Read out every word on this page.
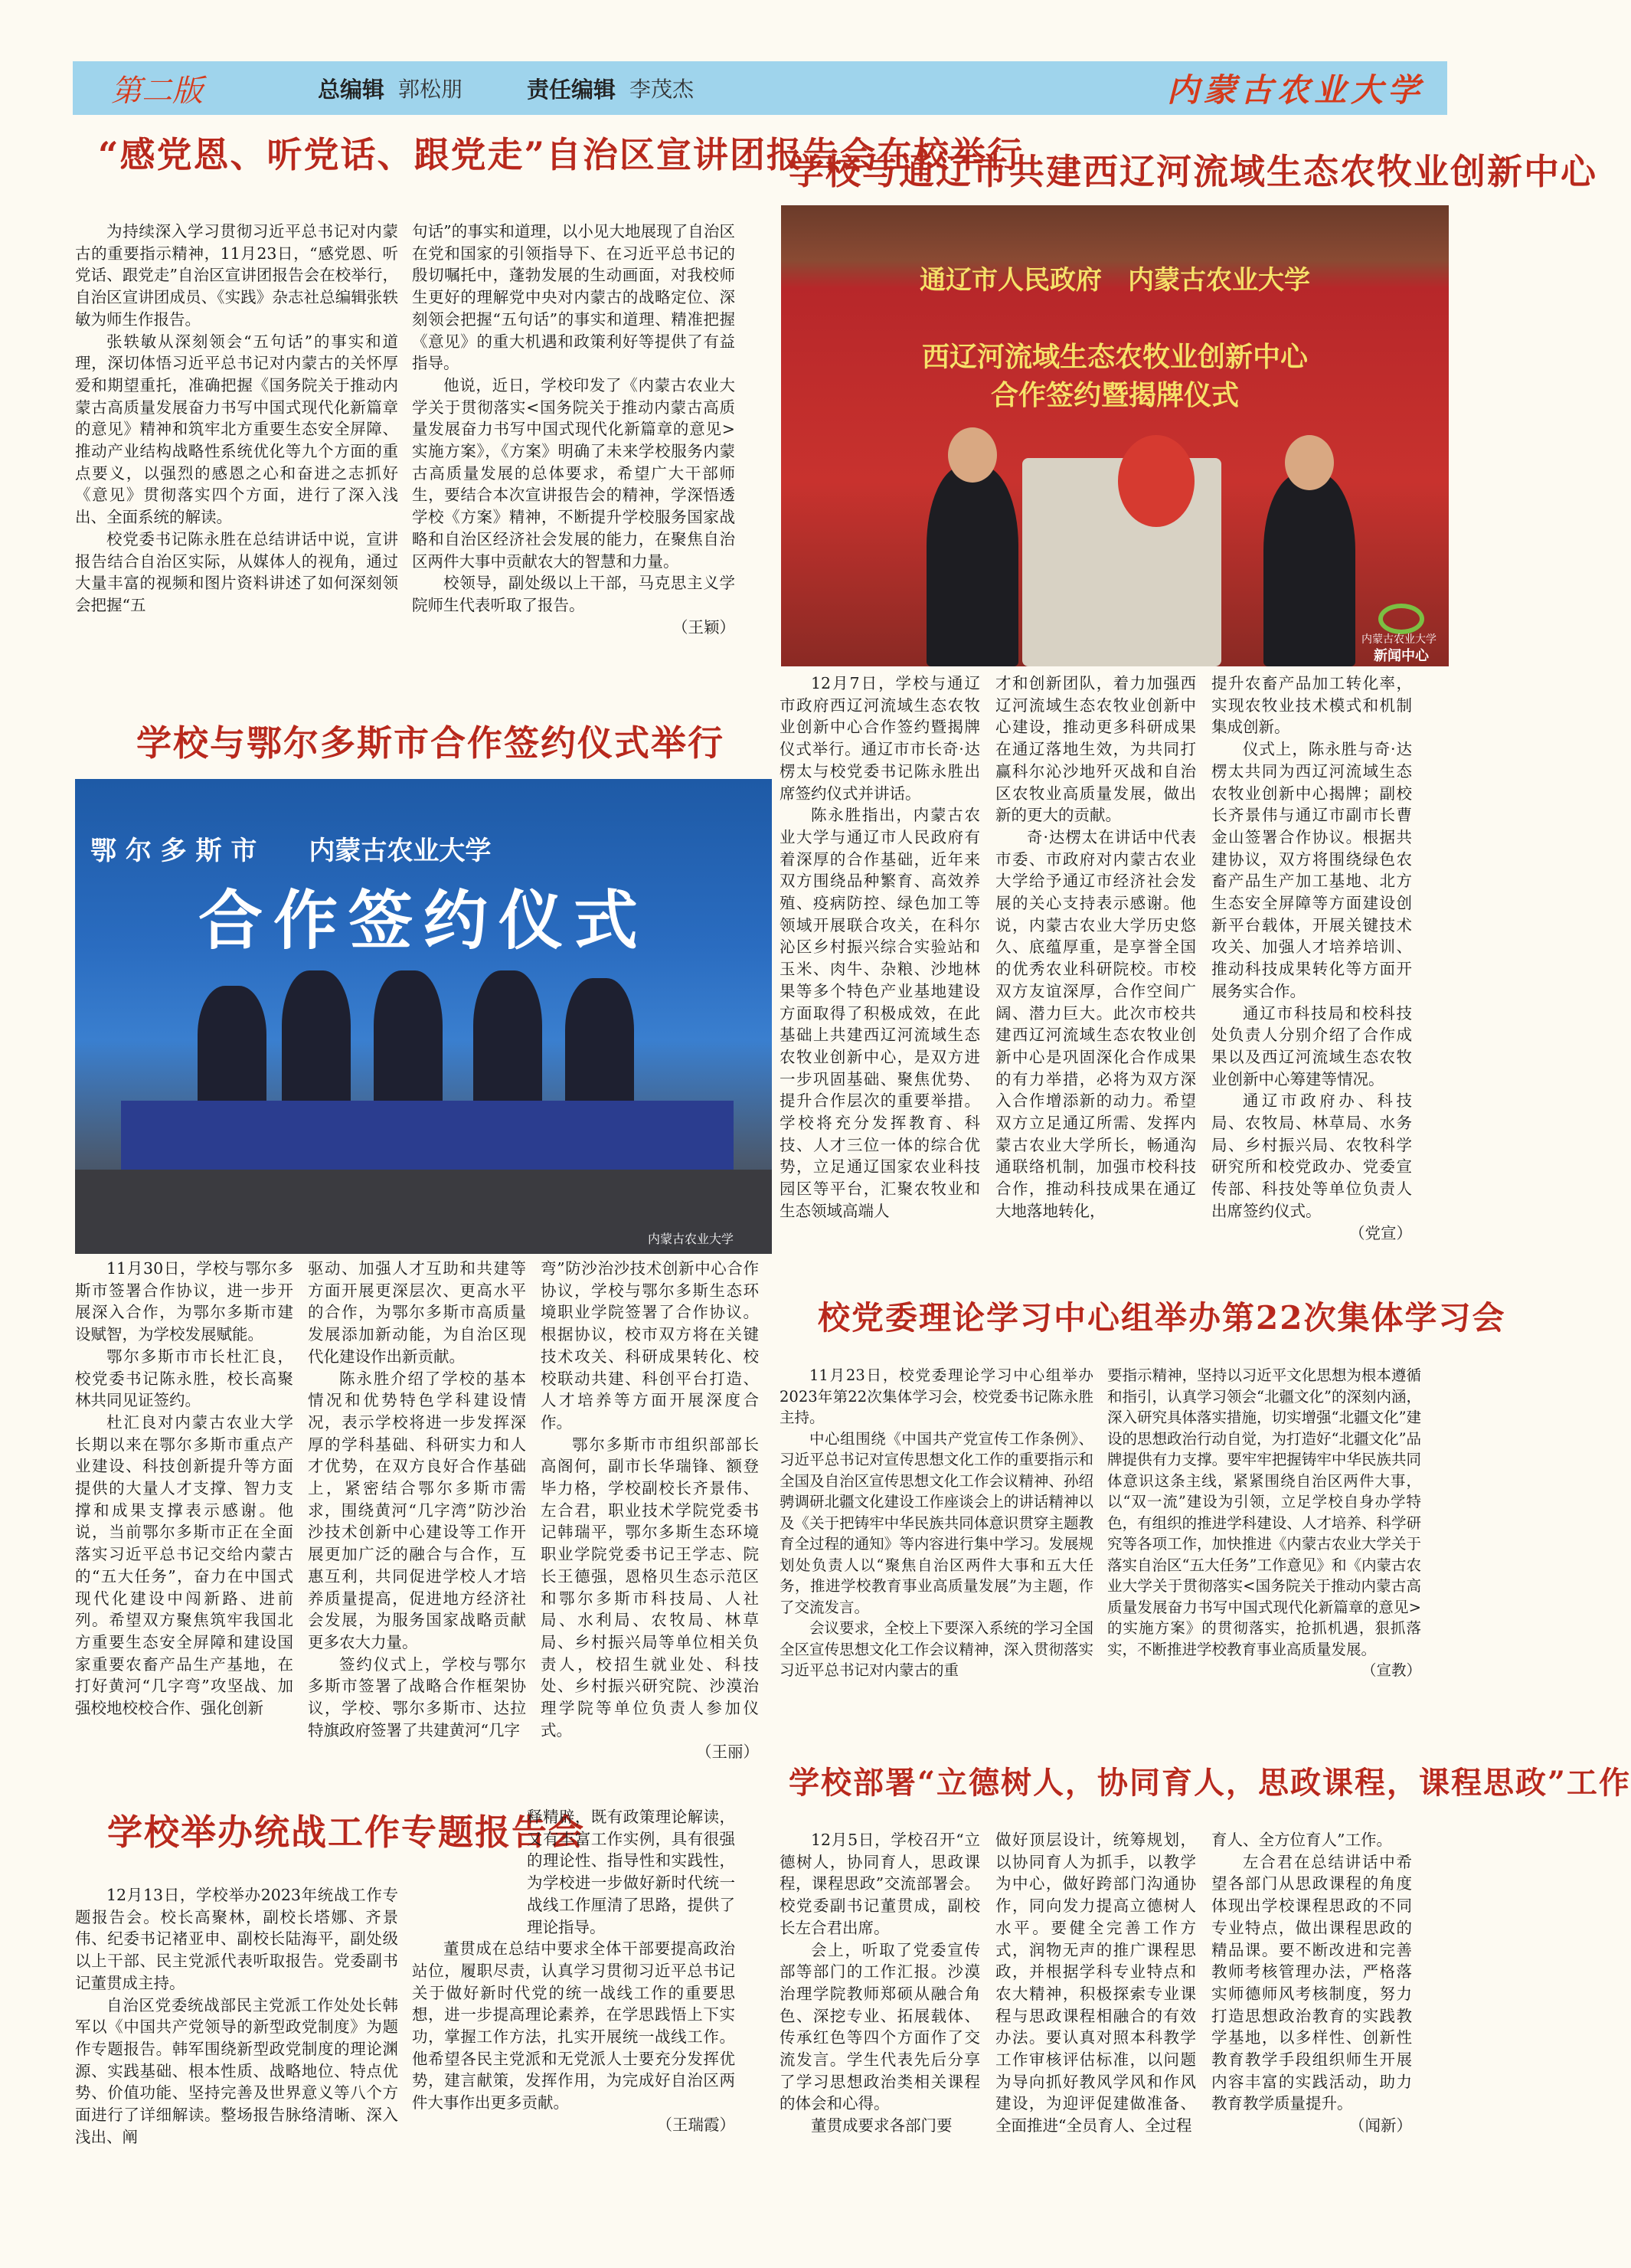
第二版	总编辑 郭松朋	责任编辑 李茂杰	内蒙古农业大学
“感党恩、听党话、跟党走”自治区宣讲团报告会在校举行

为持续深入学习贯彻习近平总书记对内蒙古的重要指示精神，11月23日，“感党恩、听党话、跟党走”自治区宣讲团报告会在校举行，自治区宣讲团成员、《实践》杂志社总编辑张轶敏为师生作报告。

张轶敏从深刻领会“五句话”的事实和道理，深切体悟习近平总书记对内蒙古的关怀厚爱和期望重托，准确把握《国务院关于推动内蒙古高质量发展奋力书写中国式现代化新篇章的意见》精神和筑牢北方重要生态安全屏障、推动产业结构战略性系统优化等九个方面的重点要义，以强烈的感恩之心和奋进之志抓好《意见》贯彻落实四个方面，进行了深入浅出、全面系统的解读。

校党委书记陈永胜在总结讲话中说，宣讲报告结合自治区实际，从媒体人的视角，通过大量丰富的视频和图片资料讲述了如何深刻领会把握“五

句话”的事实和道理，以小见大地展现了自治区在党和国家的引领指导下、在习近平总书记的殷切嘱托中，蓬勃发展的生动画面，对我校师生更好的理解党中央对内蒙古的战略定位、深刻领会把握“五句话”的事实和道理、精准把握《意见》的重大机遇和政策利好等提供了有益指导。

他说，近日，学校印发了《内蒙古农业大学关于贯彻落实<国务院关于推动内蒙古高质量发展奋力书写中国式现代化新篇章的意见>实施方案》，《方案》明确了未来学校服务内蒙古高质量发展的总体要求，希望广大干部师生，要结合本次宣讲报告会的精神，学深悟透学校《方案》精神，不断提升学校服务国家战略和自治区经济社会发展的能力，在聚焦自治区两件大事中贡献农大的智慧和力量。

校领导，副处级以上干部，马克思主义学院师生代表听取了报告。

（王颖）
学校与通辽市共建西辽河流域生态农牧业创新中心
通辽市人民政府　内蒙古农业大学
西辽河流域生态农牧业创新中心
合作签约暨揭牌仪式
内蒙古农业大学
新闻中心

12月7日，学校与通辽市政府西辽河流域生态农牧业创新中心合作签约暨揭牌仪式举行。通辽市市长奇·达楞太与校党委书记陈永胜出席签约仪式并讲话。

陈永胜指出，内蒙古农业大学与通辽市人民政府有着深厚的合作基础，近年来双方围绕品种繁育、高效养殖、疫病防控、绿色加工等领域开展联合攻关，在科尔沁区乡村振兴综合实验站和玉米、肉牛、杂粮、沙地林果等多个特色产业基地建设方面取得了积极成效，在此基础上共建西辽河流域生态农牧业创新中心，是双方进一步巩固基础、聚焦优势、提升合作层次的重要举措。学校将充分发挥教育、科技、人才三位一体的综合优势，立足通辽国家农业科技园区等平台，汇聚农牧业和生态领域高端人

才和创新团队，着力加强西辽河流域生态农牧业创新中心建设，推动更多科研成果在通辽落地生效，为共同打赢科尔沁沙地歼灭战和自治区农牧业高质量发展，做出新的更大的贡献。

奇·达楞太在讲话中代表市委、市政府对内蒙古农业大学给予通辽市经济社会发展的关心支持表示感谢。他说，内蒙古农业大学历史悠久、底蕴厚重，是享誉全国的优秀农业科研院校。市校双方友谊深厚，合作空间广阔、潜力巨大。此次市校共建西辽河流域生态农牧业创新中心是巩固深化合作成果的有力举措，必将为双方深入合作增添新的动力。希望双方立足通辽所需、发挥内蒙古农业大学所长，畅通沟通联络机制，加强市校科技合作，推动科技成果在通辽大地落地转化，

提升农畜产品加工转化率，实现农牧业技术模式和机制集成创新。

仪式上，陈永胜与奇·达楞太共同为西辽河流域生态农牧业创新中心揭牌；副校长齐景伟与通辽市副市长曹金山签署合作协议。根据共建协议，双方将围绕绿色农畜产品生产加工基地、北方生态安全屏障等方面建设创新平台载体，开展关键技术攻关、加强人才培养培训、推动科技成果转化等方面开展务实合作。

通辽市科技局和校科技处负责人分别介绍了合作成果以及西辽河流域生态农牧业创新中心筹建等情况。

通辽市政府办、科技局、农牧局、林草局、水务局、乡村振兴局、农牧科学研究所和校党政办、党委宣传部、科技处等单位负责人出席签约仪式。

（党宣）
学校与鄂尔多斯市合作签约仪式举行
鄂 尔 多 斯 市　　内蒙古农业大学
合作签约仪式
内蒙古农业大学

11月30日，学校与鄂尔多斯市签署合作协议，进一步开展深入合作，为鄂尔多斯市建设赋智，为学校发展赋能。

鄂尔多斯市市长杜汇良，校党委书记陈永胜，校长高聚林共同见证签约。

杜汇良对内蒙古农业大学长期以来在鄂尔多斯市重点产业建设、科技创新提升等方面提供的大量人才支撑、智力支撑和成果支撑表示感谢。他说，当前鄂尔多斯市正在全面落实习近平总书记交给内蒙古的“五大任务”，奋力在中国式现代化建设中闯新路、进前列。希望双方聚焦筑牢我国北方重要生态安全屏障和建设国家重要农畜产品生产基地，在打好黄河“几字弯”攻坚战、加强校地校校合作、强化创新

驱动、加强人才互助和共建等方面开展更深层次、更高水平的合作，为鄂尔多斯市高质量发展添加新动能，为自治区现代化建设作出新贡献。

陈永胜介绍了学校的基本情况和优势特色学科建设情况，表示学校将进一步发挥深厚的学科基础、科研实力和人才优势，在双方良好合作基础上，紧密结合鄂尔多斯市需求，围绕黄河“几字湾”防沙治沙技术创新中心建设等工作开展更加广泛的融合与合作，互惠互利，共同促进学校人才培养质量提高，促进地方经济社会发展，为服务国家战略贡献更多农大力量。

签约仪式上，学校与鄂尔多斯市签署了战略合作框架协议，学校、鄂尔多斯市、达拉特旗政府签署了共建黄河“几字

弯”防沙治沙技术创新中心合作协议，学校与鄂尔多斯生态环境职业学院签署了合作协议。根据协议，校市双方将在关键技术攻关、科研成果转化、校校联动共建、科创平台打造、人才培养等方面开展深度合作。

鄂尔多斯市市组织部部长高阁何，副市长华瑞锋、额登毕力格，学校副校长齐景伟、左合君，职业技术学院党委书记韩瑞平，鄂尔多斯生态环境职业学院党委书记王学志、院长王德强，恩格贝生态示范区和鄂尔多斯市科技局、人社局、水利局、农牧局、林草局、乡村振兴局等单位相关负责人，校招生就业处、科技处、乡村振兴研究院、沙漠治理学院等单位负责人参加仪式。

（王丽）
校党委理论学习中心组举办第22次集体学习会

11月23日，校党委理论学习中心组举办2023年第22次集体学习会，校党委书记陈永胜主持。

中心组围绕《中国共产党宣传工作条例》、习近平总书记对宣传思想文化工作的重要指示和全国及自治区宣传思想文化工作会议精神、孙绍骋调研北疆文化建设工作座谈会上的讲话精神以及《关于把铸牢中华民族共同体意识贯穿主题教育全过程的通知》等内容进行集中学习。发展规划处负责人以“聚焦自治区两件大事和五大任务，推进学校教育事业高质量发展”为主题，作了交流发言。

会议要求，全校上下要深入系统的学习全国全区宣传思想文化工作会议精神，深入贯彻落实习近平总书记对内蒙古的重

要指示精神，坚持以习近平文化思想为根本遵循和指引，认真学习领会“北疆文化”的深刻内涵，深入研究具体落实措施，切实增强“北疆文化”建设的思想政治行动自觉，为打造好“北疆文化”品牌提供有力支撑。要牢牢把握铸牢中华民族共同体意识这条主线，紧紧围绕自治区两件大事，以“双一流”建设为引领，立足学校自身办学特色，有组织的推进学科建设、人才培养、科学研究等各项工作，加快推进《内蒙古农业大学关于落实自治区“五大任务”工作意见》和《内蒙古农业大学关于贯彻落实<国务院关于推动内蒙古高质量发展奋力书写中国式现代化新篇章的意见>的实施方案》的贯彻落实，抢抓机遇，狠抓落实，不断推进学校教育事业高质量发展。

（宣教）
学校举办统战工作专题报告会

12月13日，学校举办2023年统战工作专题报告会。校长高聚林，副校长塔娜、齐景伟、纪委书记褚亚申、副校长陆海平，副处级以上干部、民主党派代表听取报告。党委副书记董贯成主持。

自治区党委统战部民主党派工作处处长韩军以《中国共产党领导的新型政党制度》为题作专题报告。韩军围绕新型政党制度的理论渊源、实践基础、根本性质、战略地位、特点优势、价值功能、坚持完善及世界意义等八个方面进行了详细解读。整场报告脉络清晰、深入浅出、阐

释精辟，既有政策理论解读，又有丰富工作实例，具有很强的理论性、指导性和实践性，为学校进一步做好新时代统一战线工作厘清了思路，提供了理论指导。

董贯成在总结中要求全体干部要提高政治站位，履职尽责，认真学习贯彻习近平总书记关于做好新时代党的统一战线工作的重要思想，进一步提高理论素养，在学思践悟上下实功，掌握工作方法，扎实开展统一战线工作。他希望各民主党派和无党派人士要充分发挥优势，建言献策，发挥作用，为完成好自治区两件大事作出更多贡献。

（王瑞霞）
学校部署“立德树人，协同育人，思政课程，课程思政”工作

12月5日，学校召开“立德树人，协同育人，思政课程，课程思政”交流部署会。校党委副书记董贯成，副校长左合君出席。

会上，听取了党委宣传部等部门的工作汇报。沙漠治理学院教师郑硕从融合角色、深挖专业、拓展载体、传承红色等四个方面作了交流发言。学生代表先后分享了学习思想政治类相关课程的体会和心得。

董贯成要求各部门要

做好顶层设计，统筹规划，以协同育人为抓手，以教学为中心，做好跨部门沟通协作，同向发力提高立德树人水平。要健全完善工作方式，润物无声的推广课程思政，并根据学科专业特点和农大精神，积极探索专业课程与思政课程相融合的有效办法。要认真对照本科教学工作审核评估标准，以问题为导向抓好教风学风和作风建设，为迎评促建做准备、全面推进“全员育人、全过程

育人、全方位育人”工作。

左合君在总结讲话中希望各部门从思政课程的角度体现出学校课程思政的不同专业特点，做出课程思政的精品课。要不断改进和完善教师考核管理办法，严格落实师德师风考核制度，努力打造思想政治教育的实践教学基地，以多样性、创新性教育教学手段组织师生开展内容丰富的实践活动，助力教育教学质量提升。

（闻新）
